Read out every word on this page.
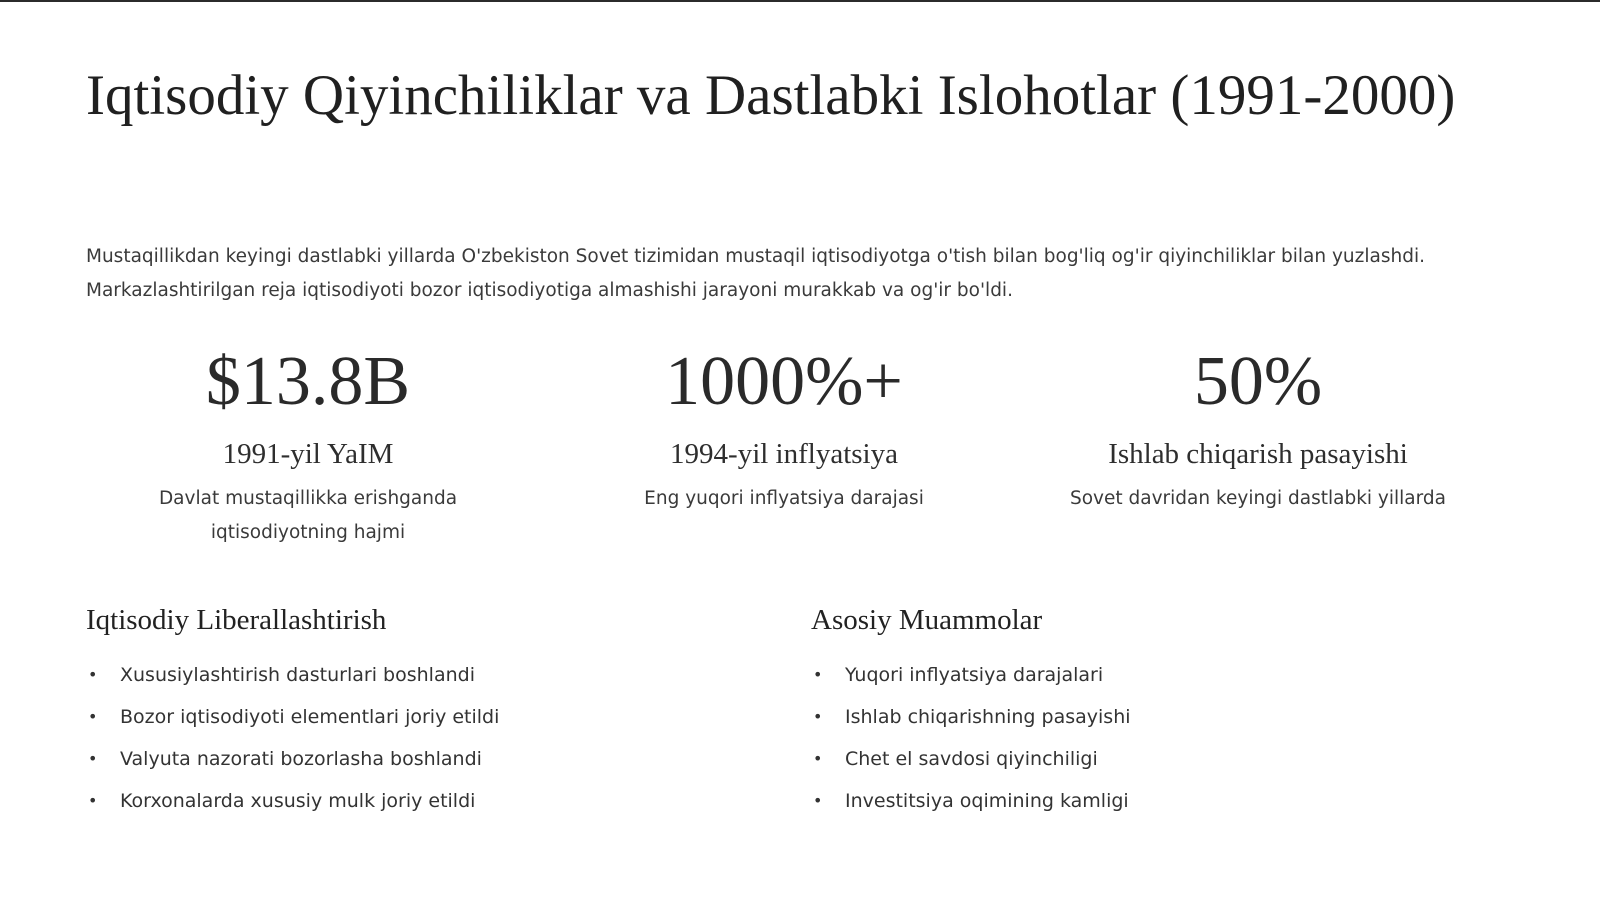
Iqtisodiy Qiyinchiliklar va Dastlabki Islohotlar (1991-2000)

Mustaqillikdan keyingi dastlabki yillarda O'zbekiston Sovet tizimidan mustaqil iqtisodiyotga o'tish bilan bog'liq og'ir qiyinchiliklar bilan yuzlashdi. Markazlashtirilgan reja iqtisodiyoti bozor iqtisodiyotiga almashishi jarayoni murakkab va og'ir bo'ldi.

$13.8B
1991-yil YaIM
Davlat mustaqillikka erishganda iqtisodiyotning hajmi
1000%+
1994-yil inflyatsiya
Eng yuqori inflyatsiya darajasi
50%
Ishlab chiqarish pasayishi
Sovet davridan keyingi dastlabki yillarda
Iqtisodiy Liberallashtirish
• Xususiylashtirish dasturlari boshlandi
• Bozor iqtisodiyoti elementlari joriy etildi
• Valyuta nazorati bozorlasha boshlandi
• Korxonalarda xususiy mulk joriy etildi
Asosiy Muammolar
• Yuqori inflyatsiya darajalari
• Ishlab chiqarishning pasayishi
• Chet el savdosi qiyinchiligi
• Investitsiya oqimining kamligi
